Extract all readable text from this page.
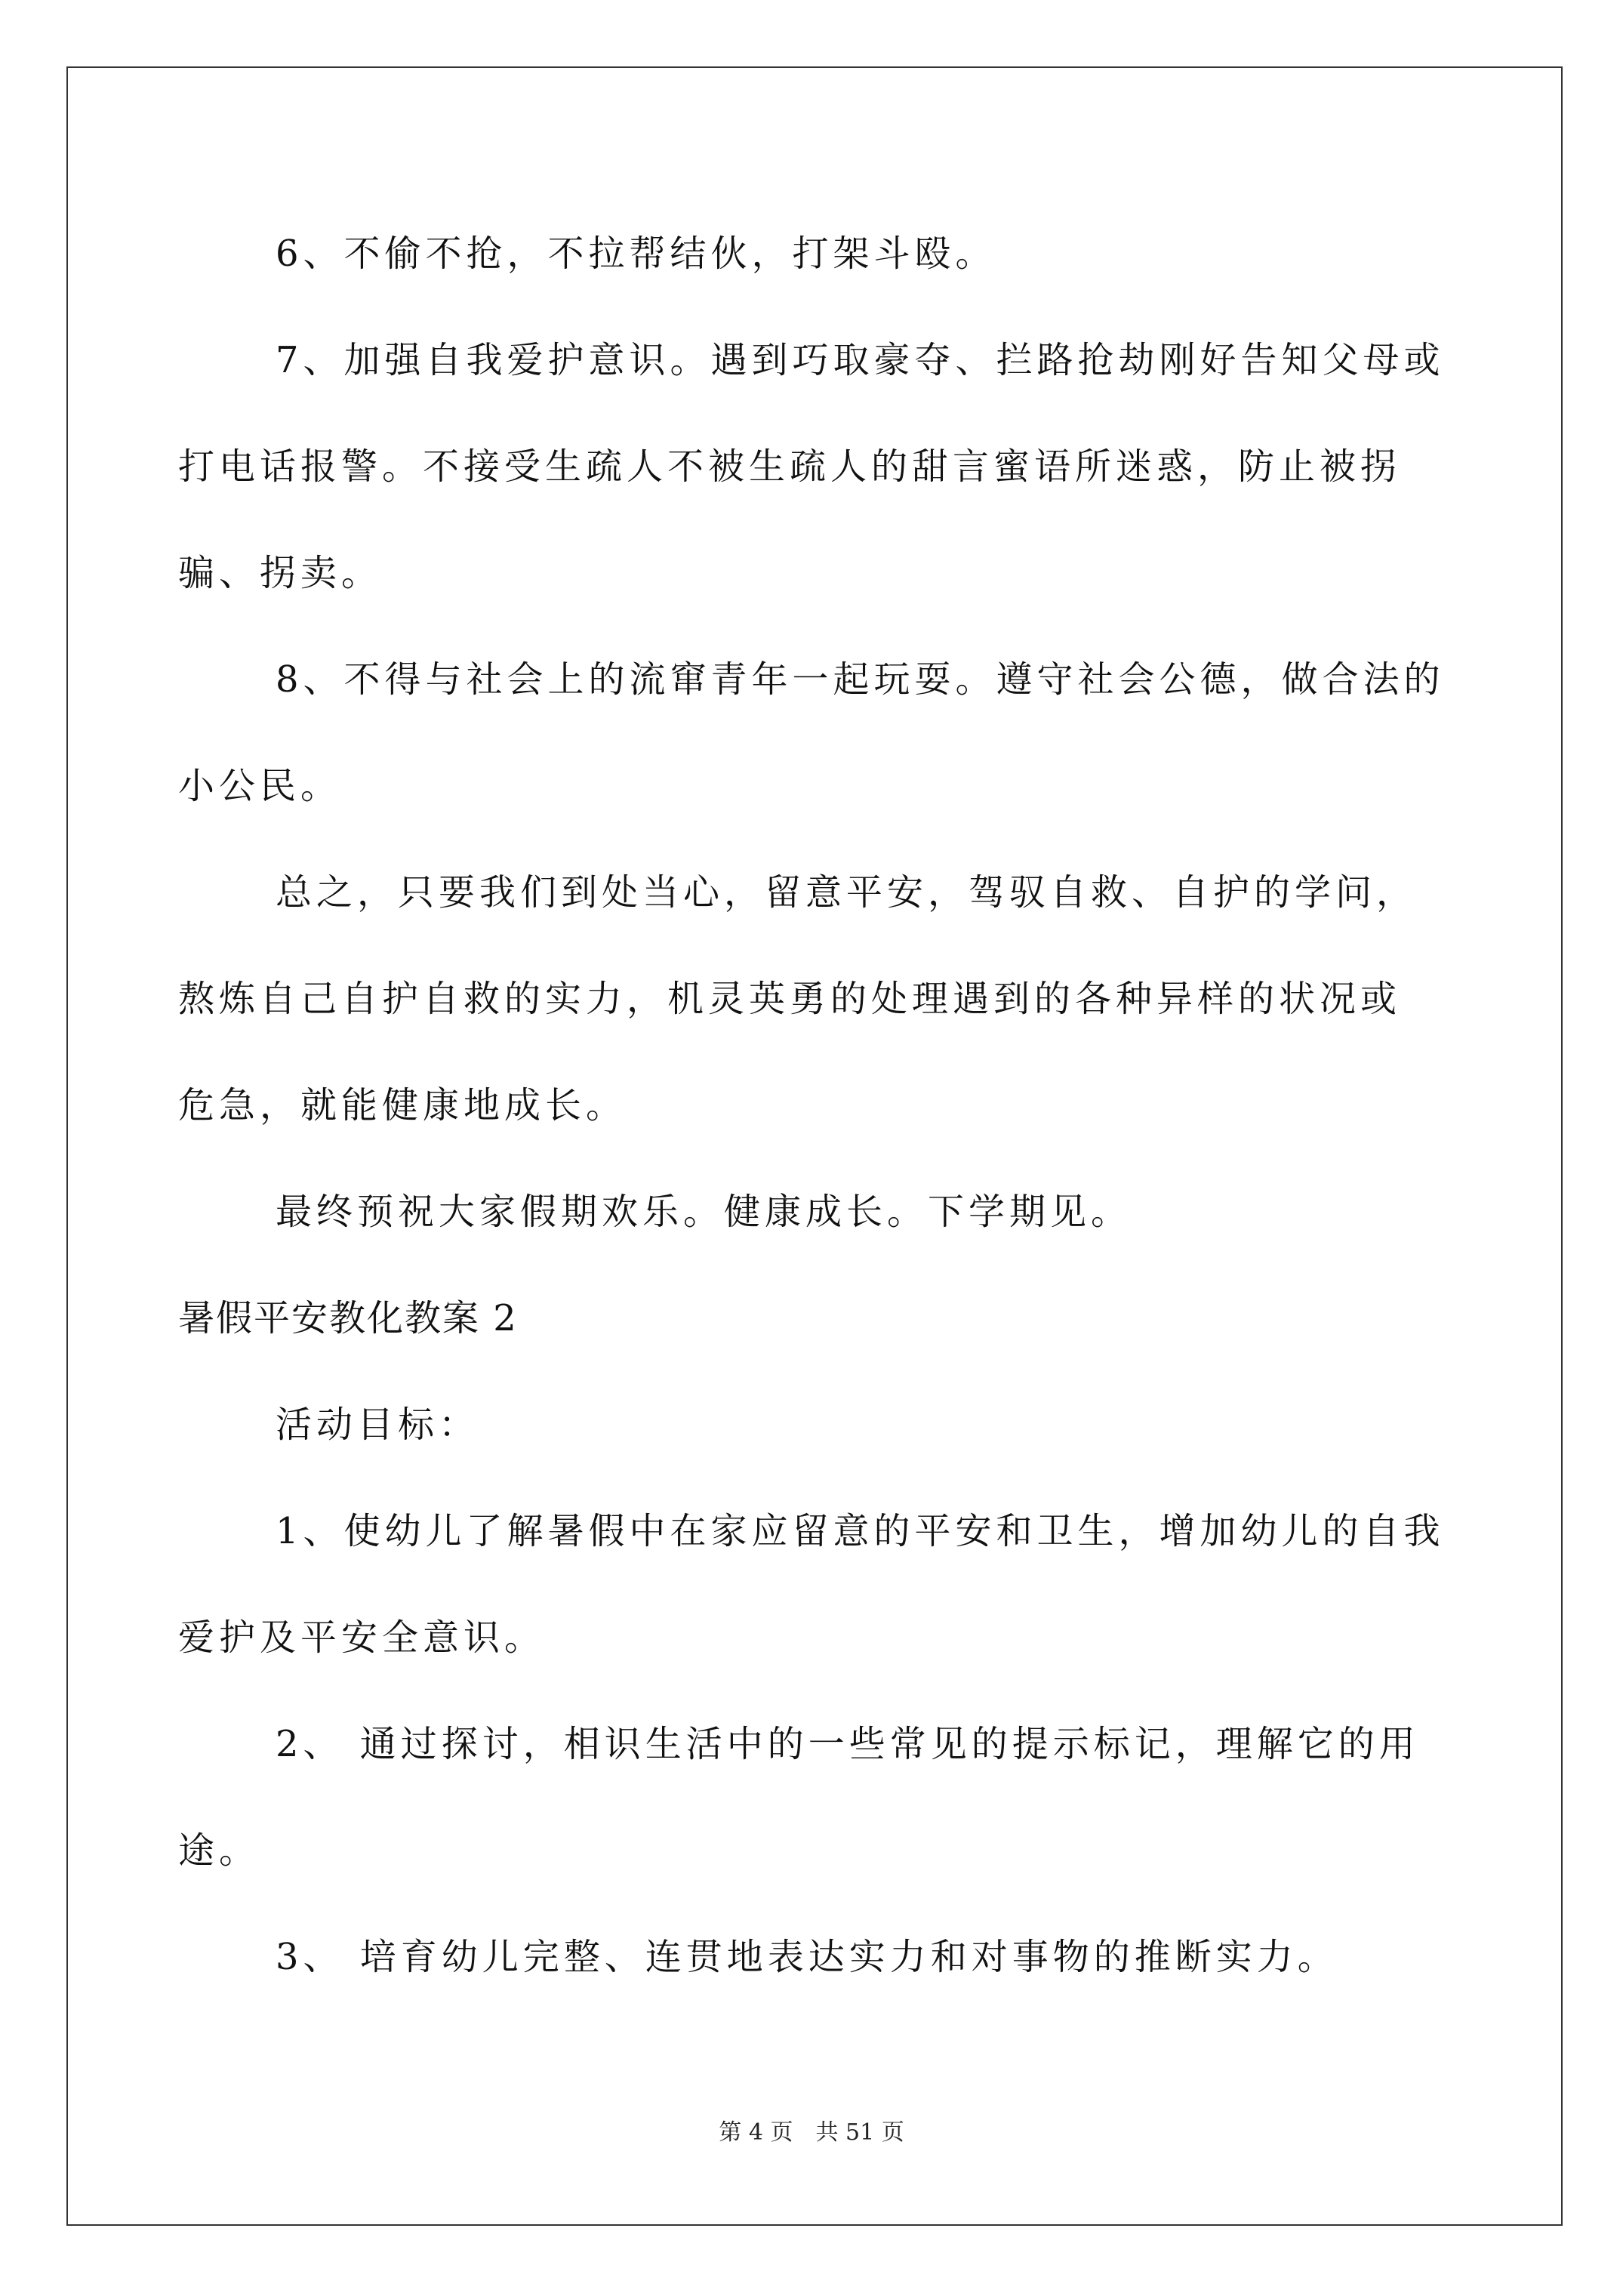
6、不偷不抢，不拉帮结伙，打架斗殴。
7、加强自我爱护意识。遇到巧取豪夺、拦路抢劫刚好告知父母或
打电话报警。不接受生疏人不被生疏人的甜言蜜语所迷惑，防止被拐
骗、拐卖。
8、不得与社会上的流窜青年一起玩耍。遵守社会公德，做合法的
小公民。
总之，只要我们到处当心，留意平安，驾驭自救、自护的学问，
熬炼自己自护自救的实力，机灵英勇的处理遇到的各种异样的状况或
危急，就能健康地成长。
最终预祝大家假期欢乐。健康成长。下学期见。
暑假平安教化教案 2
活动目标：
1、使幼儿了解暑假中在家应留意的平安和卫生，增加幼儿的自我
爱护及平安全意识。
2、 通过探讨，相识生活中的一些常见的提示标记，理解它的用
途。
3、 培育幼儿完整、连贯地表达实力和对事物的推断实力。
第 4 页　共 51 页
